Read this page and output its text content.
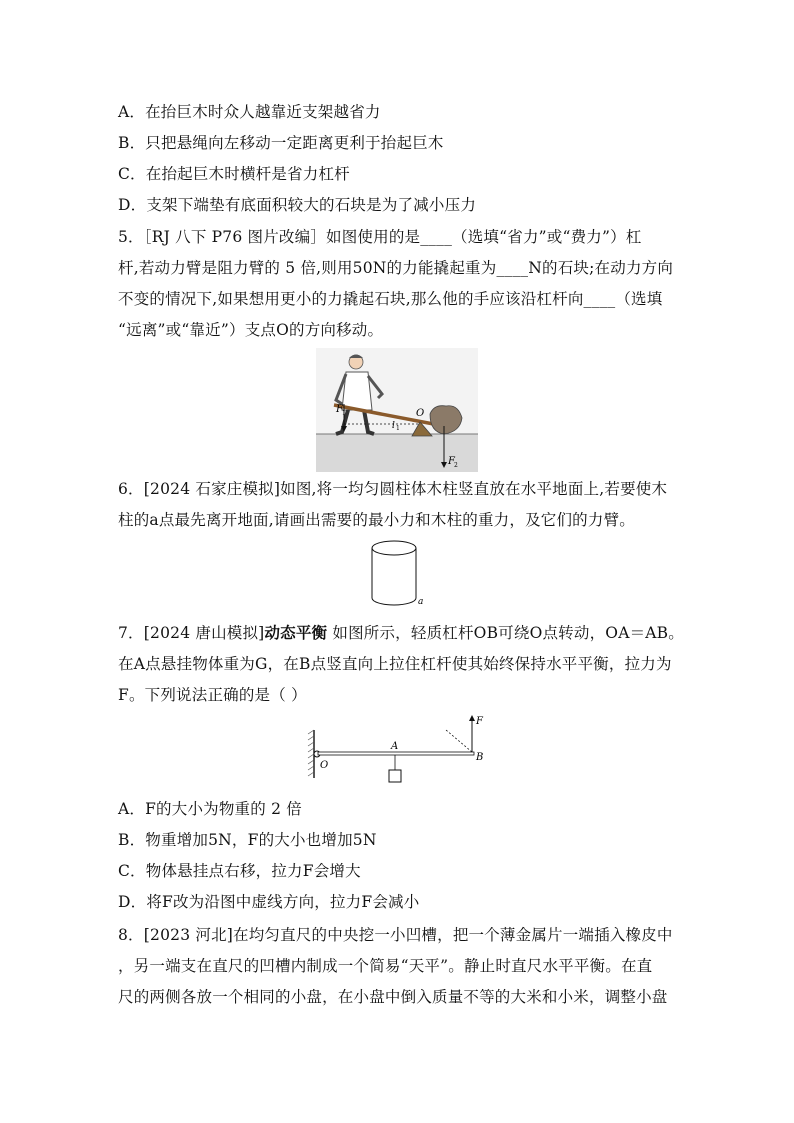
A．在抬巨木时众人越靠近支架越省力
B．只把悬绳向左移动一定距离更利于抬起巨木
C．在抬起巨木时横杆是省力杠杆
D．支架下端垫有底面积较大的石块是为了减小压力
5．［RJ 八下 P76 图片改编］如图使用的是____（选填“省力”或“费力”）杠
杆,若动力臂是阻力臂的 5 倍,则用50N的力能撬起重为____N的石块;在动力方向
不变的情况下,如果想用更小的力撬起石块,那么他的手应该沿杠杆向____（选填
“远离”或“靠近”）支点O的方向移动。
F 1	O
l 1
F 2
6．[2024 石家庄模拟]如图,将一均匀圆柱体木柱竖直放在水平地面上,若要使木
柱的a点最先离开地面,请画出需要的最小力和木柱的重力，及它们的力臂。
a
7．[2024 唐山模拟]动态平衡 如图所示，轻质杠杆OB可绕O点转动，OA＝AB。
在A点悬挂物体重为G，在B点竖直向上拉住杠杆使其始终保持水平平衡，拉力为
F。下列说法正确的是（ ）
O
A
B
F
A．F的大小为物重的 2 倍
B．物重增加5N，F的大小也增加5N
C．物体悬挂点右移，拉力F会增大
D．将F改为沿图中虚线方向，拉力F会减小
8．[2023 河北]在均匀直尺的中央挖一小凹槽，把一个薄金属片一端插入橡皮中
，另一端支在直尺的凹槽内制成一个简易“天平”。静止时直尺水平平衡。在直
尺的两侧各放一个相同的小盘，在小盘中倒入质量不等的大米和小米，调整小盘
